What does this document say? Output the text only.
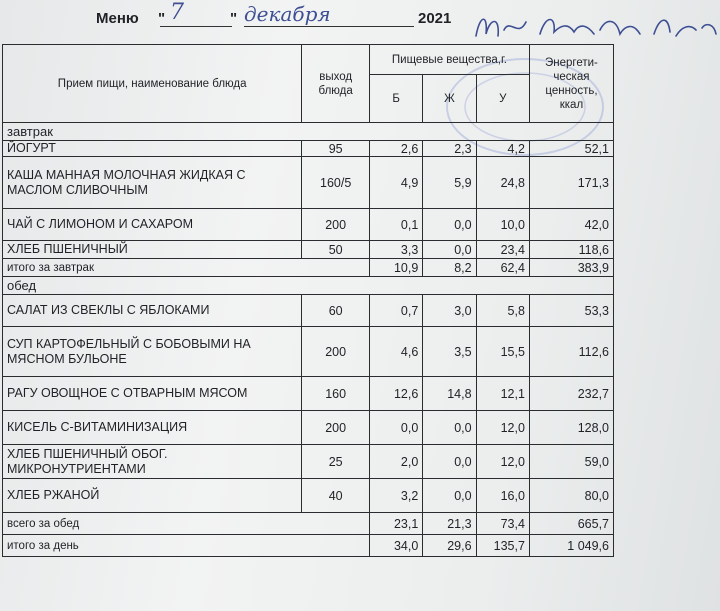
Меню " 7	" декабря	2021
Прием пищи, наименование блюда	выход блюда	Пищевые вещества,г.			Энергети-ческая ценность, ккал
		Б	Ж	У	
завтрак					
ЙОГУРТ	95	2,6	2,3	4,2	52,1
КАША МАННАЯ МОЛОЧНАЯ ЖИДКАЯ С МАСЛОМ СЛИВОЧНЫМ	160/5	4,9	5,9	24,8	171,3
ЧАЙ С ЛИМОНОМ И САХАРОМ	200	0,1	0,0	10,0	42,0
ХЛЕБ ПШЕНИЧНЫЙ	50	3,3	0,0	23,4	118,6
итого за завтрак		10,9	8,2	62,4	383,9
обед					
САЛАТ ИЗ СВЕКЛЫ С ЯБЛОКАМИ	60	0,7	3,0	5,8	53,3
СУП КАРТОФЕЛЬНЫЙ С БОБОВЫМИ НА МЯСНОМ БУЛЬОНЕ	200	4,6	3,5	15,5	112,6
РАГУ ОВОЩНОЕ С ОТВАРНЫМ МЯСОМ	160	12,6	14,8	12,1	232,7
КИСЕЛЬ С-ВИТАМИНИЗАЦИЯ	200	0,0	0,0	12,0	128,0
ХЛЕБ ПШЕНИЧНЫЙ ОБОГ. МИКРОНУТРИЕНТАМИ	25	2,0	0,0	12,0	59,0
ХЛЕБ РЖАНОЙ	40	3,2	0,0	16,0	80,0
всего за обед		23,1	21,3	73,4	665,7
итого за день		34,0	29,6	135,7	1 049,6
